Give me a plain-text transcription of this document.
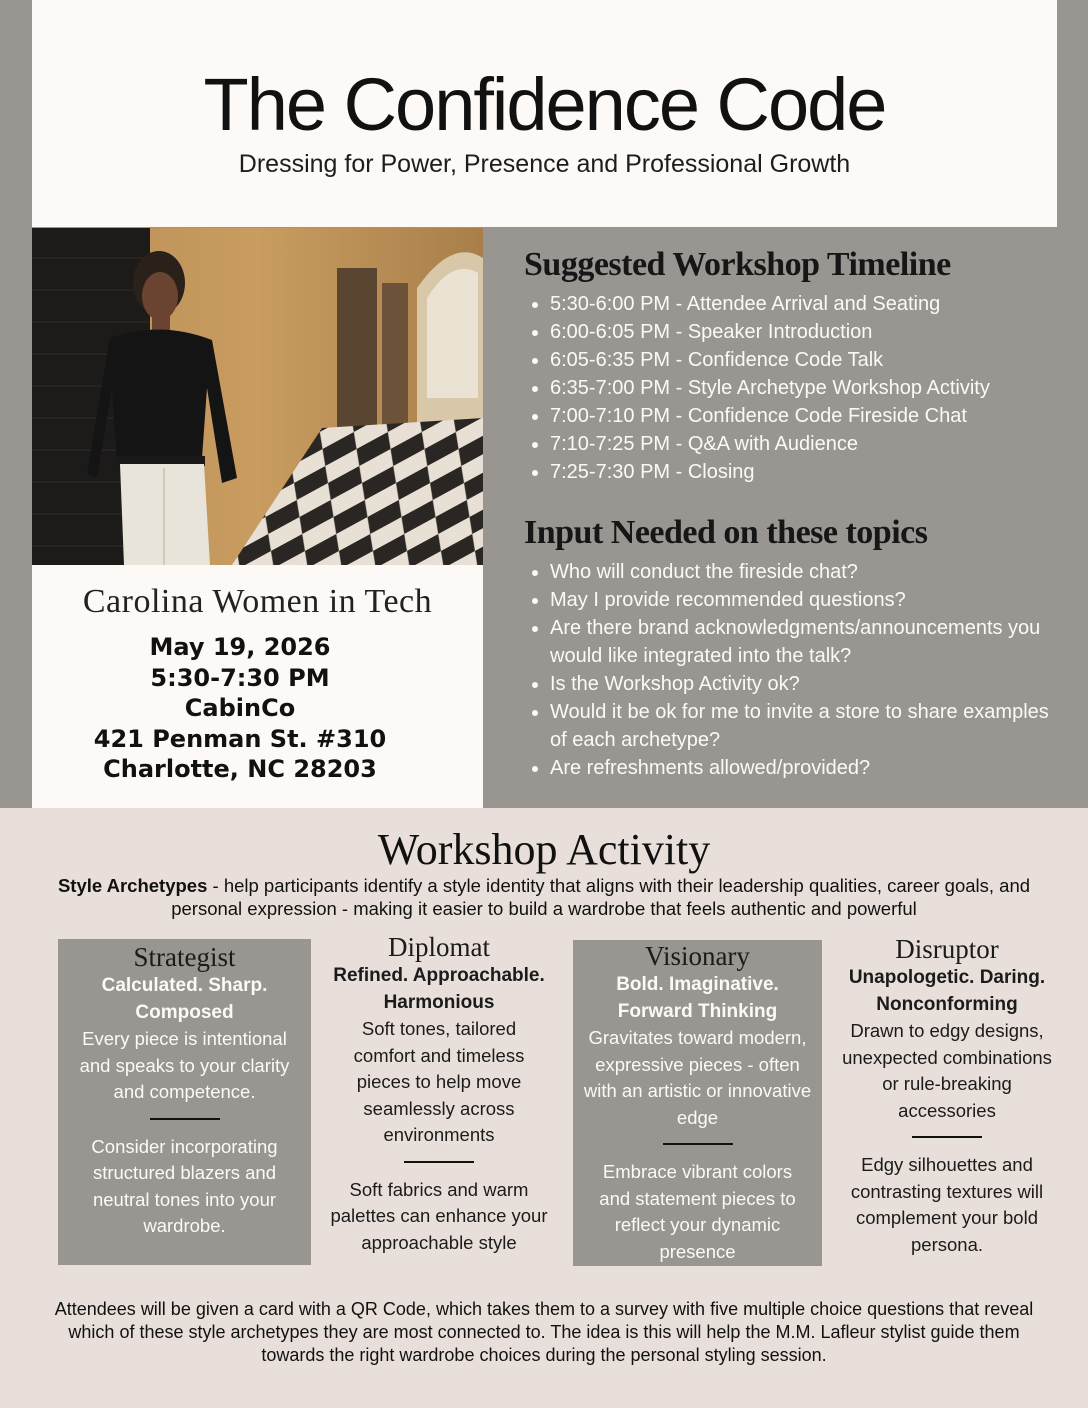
The Confidence Code
Dressing for Power, Presence and Professional Growth
Carolina Women in Tech
May 19, 2026
5:30-7:30 PM
CabinCo
421 Penman St. #310
Charlotte, NC 28203
Suggested Workshop Timeline
• 5:30-6:00 PM - Attendee Arrival and Seating
• 6:00-6:05 PM - Speaker Introduction
• 6:05-6:35 PM - Confidence Code Talk
• 6:35-7:00 PM - Style Archetype Workshop Activity
• 7:00-7:10 PM - Confidence Code Fireside Chat
• 7:10-7:25 PM - Q&A with Audience
• 7:25-7:30 PM - Closing
Input Needed on these topics
• Who will conduct the fireside chat?
• May I provide recommended questions?
• Are there brand acknowledgments/announcements you would like integrated into the talk?
• Is the Workshop Activity ok?
• Would it be ok for me to invite a store to share examples of each archetype?
• Are refreshments allowed/provided?
Workshop Activity
Style Archetypes - help participants identify a style identity that aligns with their leadership qualities, career goals, and personal expression - making it easier to build a wardrobe that feels authentic and powerful
Strategist
Calculated. Sharp. Composed
Every piece is intentional and speaks to your clarity and competence.
Consider incorporating structured blazers and neutral tones into your wardrobe.
Diplomat
Refined. Approachable. Harmonious
Soft tones, tailored comfort and timeless pieces to help move seamlessly across environments
Soft fabrics and warm palettes can enhance your approachable style
Visionary
Bold. Imaginative. Forward Thinking
Gravitates toward modern, expressive pieces - often with an artistic or innovative edge
Embrace vibrant colors and statement pieces to reflect your dynamic presence
Disruptor
Unapologetic. Daring. Nonconforming
Drawn to edgy designs, unexpected combinations or rule-breaking accessories
Edgy silhouettes and contrasting textures will complement your bold persona.
Attendees will be given a card with a QR Code, which takes them to a survey with five multiple choice questions that reveal which of these style archetypes they are most connected to. The idea is this will help the M.M. Lafleur stylist guide them towards the right wardrobe choices during the personal styling session.
